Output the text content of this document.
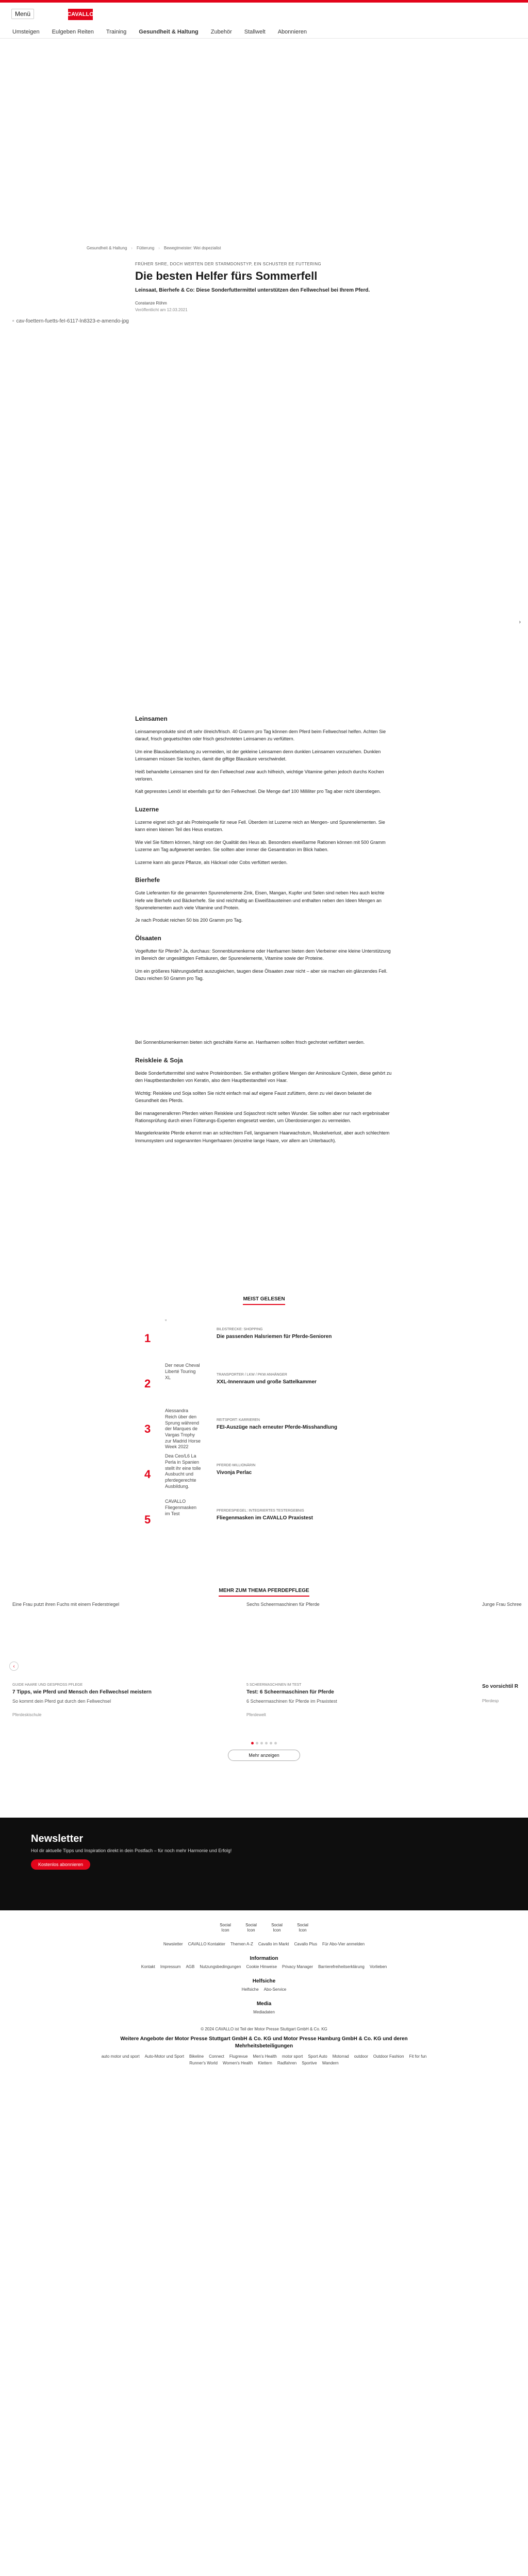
Menü	CAVALLO
Umsteigen Eulgeben Reiten Training Gesundheit & Haltung Zubehör Stallwelt Abonnieren
Gesundheit & Haltung › Fütterung › Bewegtmeister: Wei dspezialist
FRÜHER SHRE, DOCH WERTEN DER STARMDONSTYP, EIN SCHUSTER EE FUTTERING
Die besten Helfer fürs Sommerfell

Leinsaat, Bierhefe & Co: Diese Sonderfuttermittel unterstützen den Fellwechsel bei Ihrem Pferd.

Constanze Röhm
Veröffentlicht am 12.03.2021
▫ cav-foettern-fuetts-feI-6117-ln8323-e-amendo-jpg
›
Leinsamen

Leinsamenprodukte sind oft sehr ölreich/frisch. 40 Gramm pro Tag können dem Pferd beim Fellwechsel helfen. Achten Sie darauf, frisch gequetschten oder frisch geschroteten Leinsamen zu verfüttern.

Um eine Blausäurebelastung zu vermeiden, ist der gekleine Leinsamen denn dunklen Leinsamen vorzuziehen. Dunklen Leinsamen müssen Sie kochen, damit die giftige Blausäure verschwindet.

Heiß behandelte Leinsamen sind für den Fellwechsel zwar auch hilfreich, wichtige Vitamine gehen jedoch durchs Kochen verloren.

Kalt gepresstes Leinöl ist ebenfalls gut für den Fellwechsel. Die Menge darf 100 Milliliter pro Tag aber nicht überstiegen.

Luzerne

Luzerne eignet sich gut als Proteinquelle für neue Fell. Überdem ist Luzerne reich an Mengen- und Spurenelementen. Sie kann einen kleinen Teil des Heus ersetzen.

Wie viel Sie füttern können, hängt von der Qualität des Heus ab. Besonders eiweißarme Rationen können mit 500 Gramm Luzerne am Tag aufgewertet werden. Sie sollten aber immer die Gesamtration im Blick haben.

Luzerne kann als ganze Pflanze, als Häcksel oder Cobs verfüttert werden.

Bierhefe

Gute Lieferanten für die genannten Spurenelemente Zink, Eisen, Mangan, Kupfer und Selen sind neben Heu auch leichte Hefe wie Bierhefe und Bäckerhefe. Sie sind reichhaltig an Eiweißbausteinen und enthalten neben den Ideen Mengen an Spurenelementen auch viele Vitamine und Protein.

Je nach Produkt reichen 50 bis 200 Gramm pro Tag.

Ölsaaten

Vogelfutter für Pferde? Ja, durchaus: Sonnenblumenkerne oder Hanfsamen bieten dem Vierbeiner eine kleine Unterstützung im Bereich der ungesättigten Fettsäuren, der Spurenelemente, Vitamine sowie der Proteine.

Um ein größeres Nährungsdefizit auszugleichen, taugen diese Ölsaaten zwar nicht – aber sie machen ein glänzendes Fell. Dazu reichen 50 Gramm pro Tag.

Bei Sonnenblumenkernen bieten sich geschälte Kerne an. Hanfsamen sollten frisch gechrotet verfüttert werden.

Reiskleie & Soja

Beide Sonderfuttermittel sind wahre Proteinbomben. Sie enthalten größere Mengen der Aminosäure Cystein, diese gehört zu den Hauptbestandteilen von Keratin, also dem Hauptbestandteil von Haar.

Wichtig: Reiskleie und Soja sollten Sie nicht einfach mal auf eigene Faust zufüttern, denn zu viel davon belastet die Gesundheit des Pferds.

Bei manageneralkrren Pferden wirken Reiskleie und Sojaschrot nicht selten Wunder. Sie sollten aber nur nach ergebnisaber Rationsprüfung durch einen Fütterungs-Experten eingesetzt werden, um Überdosierungen zu vermeiden.

Mangelerkrankte Pferde erkennt man an schlechtem Fell, langsamem Haarwachstum, Muskelverlust, aber auch schlechtem Immunsystem und sogenannten Hungerhaaren (einzelne lange Haare, vor allem am Unterbauch).

MEIST GELESEN
1
▫
BILDSTRECKE: SHOPPING
Die passenden Halsriemen für Pferde-Senioren
2
Der neue Cheval Liberté Touring XL	TRANSPORTER / LKW / PKW ANHÄNGER
XXL-Innenraum und große Sattelkammer
3
Alessandra Reich über den Sprung während der Marques de Vargas Trophy zur Madrid Horse Week 2022
REITSPORT: KARRIEREN
FEI-Auszüge nach erneuter Pferde-Misshandlung
4
Dea Ceo/L6 La Perla in Spanien stellt ihr eine tolle Ausbucht und pferdegerechte Ausbildung.
PFERDE-MILLIONÄRIN
Vivonja Perlac
5
CAVALLO Fliegenmasken im Test	PFERDESPIEGEL: INTEGRIERTES TESTERGEBNIS
Fliegenmasken im CAVALLO Praxistest
MEHR ZUM THEMA PFERDEPFLEGE
‹
Eine Frau putzt ihren Fuchs mit einem Federstriegel
GUIDE HAARE UND GESPROSS PFLEGE
7 Tipps, wie Pferd und Mensch den Fellwechsel meistern
So kommt dein Pferd gut durch den Fellwechsel
Pferdeskischule
Sechs Scheermaschinen für Pferde
5 SCHEERMASCHINEN IM TEST
Test: 6 Scheermaschinen für Pferde
6 Scheermaschinen für Pferde im Praxistest
Pferdewelt
Junge Frau Schree
So vorsichtil R
Pferdesp
Mehr anzeigen
Newsletter
Hol dir aktuelle Tipps und Inspiration direkt in dein Postfach – für noch mehr Harmonie und Erfolg!
Kostenlos abonnieren
Social Icon
Social Icon
Social Icon
Social Icon
Newsletter CAVALLO Kontakter Themen A-Z Cavallo im Markt Cavallo Plus Für Abo-Vier anmelden
Information
Kontakt Impressum AGB Nutzungsbedingungen Cookie Hinweise Privacy Manager Barrierefreiheitserklärung Vorlieben
Helfsiche
Helfsiche Abo-Service
Media
Mediadaten
© 2024 CAVALLO ist Teil der Motor Presse Stuttgart GmbH & Co. KG
Weitere Angebote der Motor Presse Stuttgart GmbH & Co. KG und Motor Presse Hamburg GmbH & Co. KG und deren Mehrheitsbeteiligungen
auto motor und sport Auto-Motor und Sport Bikeline Connect Flugrevue Men's Health motor sport Sport Auto Motorrad outdoor Outdoor Fashion Fit for fun
Runner's World Women's Health Klettern Radfahren Sportive Wandern
